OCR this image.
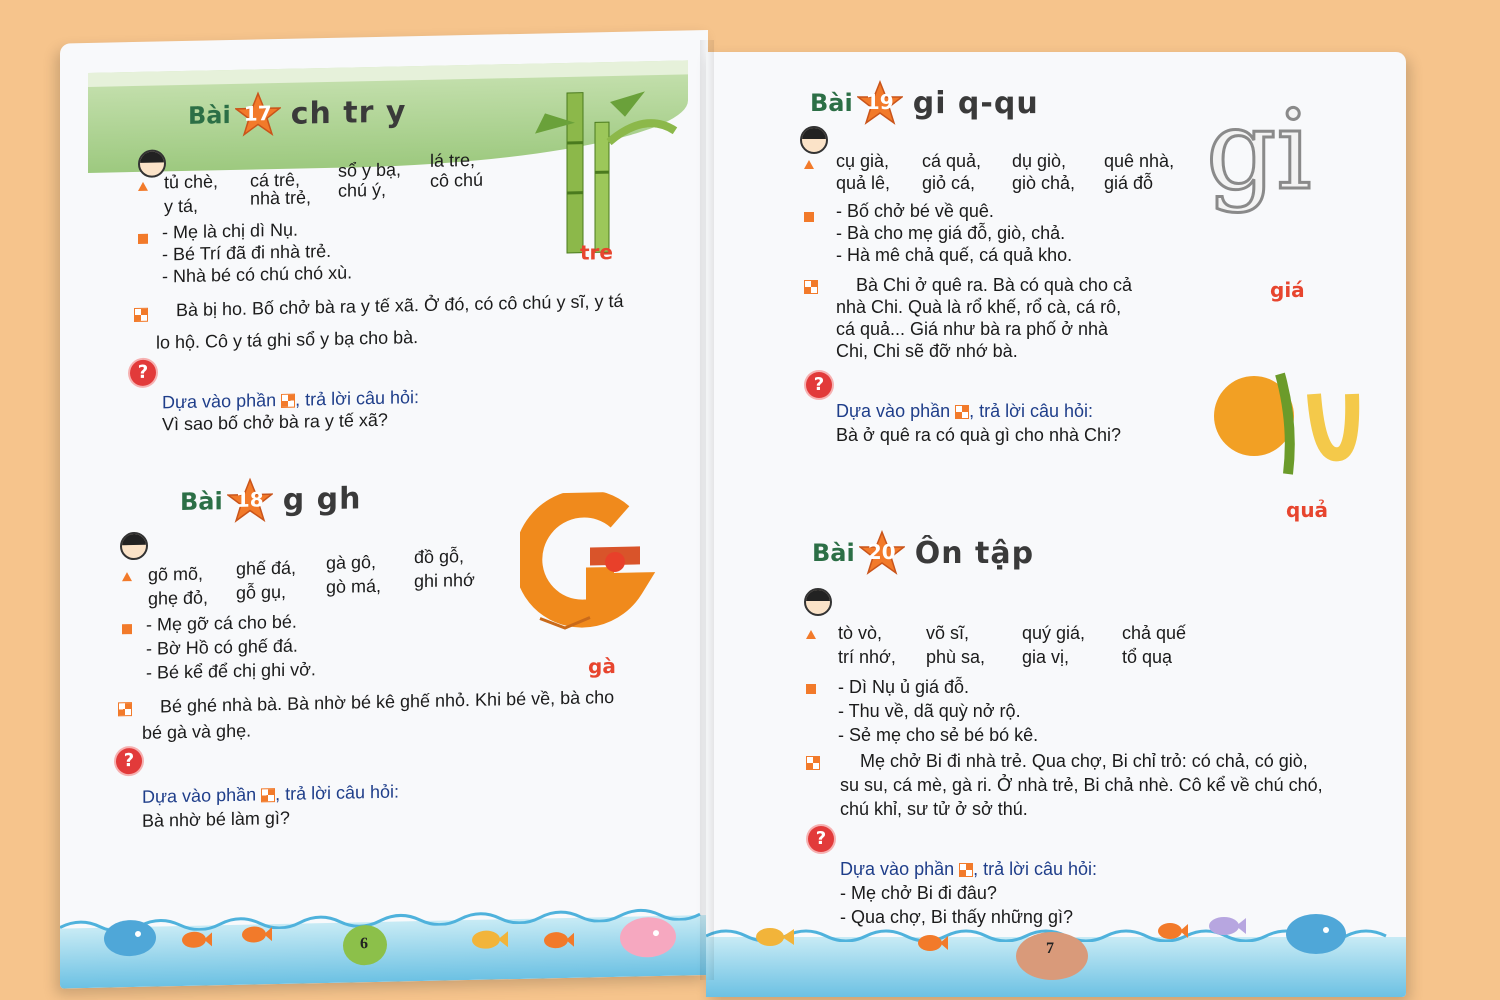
Bài 17 ch tr y
tre
tủ chè, cá trê, sổ y bạ, lá tre,
y tá,	nhà trẻ, chú ý, cô chú
- Mẹ là chị dì Nụ.
- Bé Trí đã đi nhà trẻ.
- Nhà bé có chú chó xù.
Bà bị ho. Bố chở bà ra y tế xã. Ở đó, có cô chú y sĩ, y tá
lo hộ. Cô y tá ghi sổ y bạ cho bà.
?
Dựa vào phần , trả lời câu hỏi:
Vì sao bố chở bà ra y tế xã?
Bài 18 g gh
gà
gõ mõ, ghế đá, gà gô, đồ gỗ,
ghẹ đỏ, gỗ gụ, gò má, ghi nhớ
- Mẹ gỡ cá cho bé.
- Bờ Hồ có ghế đá.
- Bé kể để chị ghi vở.
Bé ghé nhà bà. Bà nhờ bé kê ghế nhỏ. Khi bé về, bà cho
bé gà và ghẹ.
?
Dựa vào phần , trả lời câu hỏi:
Bà nhờ bé làm gì?
6
Bài 19 gi q-qu gi
giá
quả
cụ già, cá quả, dụ giò, quê nhà,
quả lê, giỏ cá, giò chả, giá đỗ
- Bố chở bé về quê.
- Bà cho mẹ giá đỗ, giò, chả.
- Hà mê chả quế, cá quả kho.
Bà Chi ở quê ra. Bà có quà cho cả
nhà Chi. Quà là rổ khế, rổ cà, cá rô,
cá quả... Giá như bà ra phố ở nhà
Chi, Chi sẽ đỡ nhớ bà.
?
Dựa vào phần , trả lời câu hỏi:
Bà ở quê ra có quà gì cho nhà Chi?
Bài 20 Ôn tập
tò vò, võ sĩ,	quý giá, chả quế
trí nhớ, phù sa, gia vị,	tổ quạ
- Dì Nụ ủ giá đỗ.
- Thu về, dã quỳ nở rộ.
- Sẻ mẹ cho sẻ bé bó kê.
Mẹ chở Bi đi nhà trẻ. Qua chợ, Bi chỉ trỏ: có chả, có giò,
su su, cá mè, gà ri. Ở nhà trẻ, Bi chả nhè. Cô kể về chú chó,
chú khỉ, sư tử ở sở thú.
?
Dựa vào phần , trả lời câu hỏi:
- Mẹ chở Bi đi đâu?
- Qua chợ, Bi thấy những gì?
7
